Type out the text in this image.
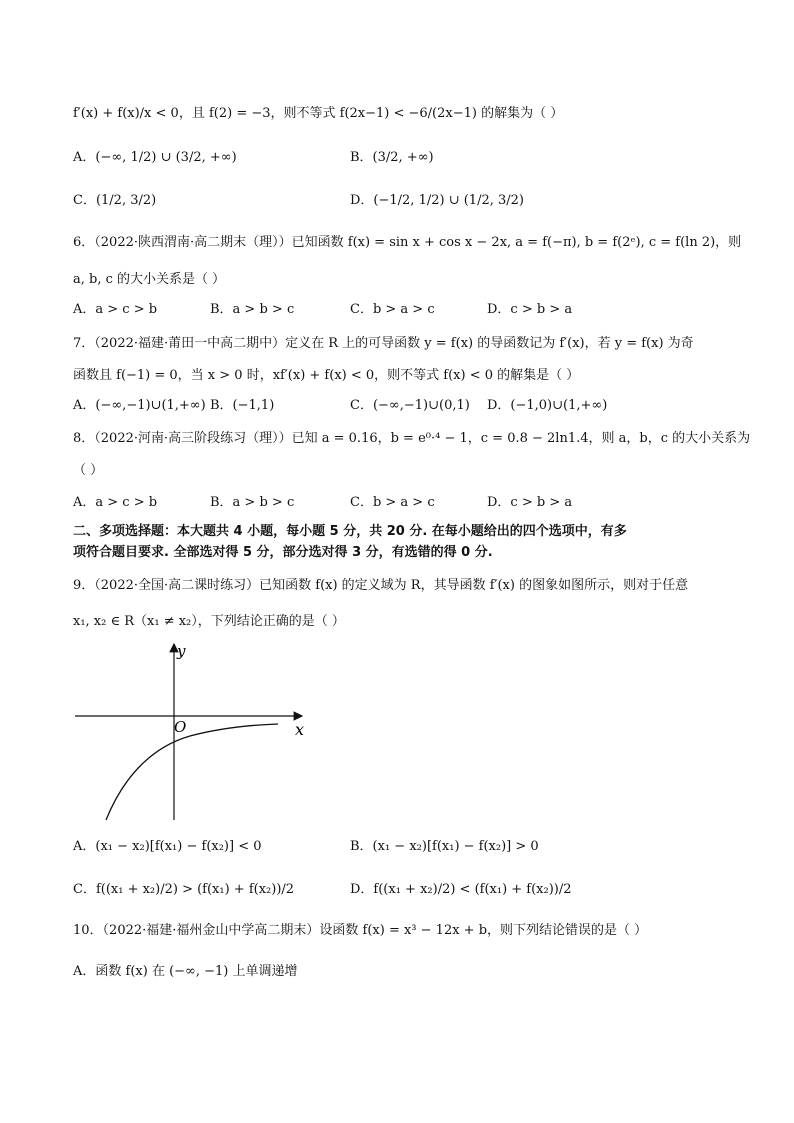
f′(x) + f(x)/x < 0，且 f(2) = −3，则不等式 f(2x−1) < −6/(2x−1) 的解集为（ ）
A．(−∞, 1/2) ∪ (3/2, +∞)	B．(3/2, +∞)
C．(1/2, 3/2)	D．(−1/2, 1/2) ∪ (1/2, 3/2)
6．（2022·陕西渭南·高二期末（理））已知函数 f(x) = sin x + cos x − 2x, a = f(−π), b = f(2ᵉ), c = f(ln 2)，则
a, b, c 的大小关系是（ ）
A．a > c > b	B．a > b > c	C．b > a > c	D．c > b > a
7．（2022·福建·莆田一中高二期中）定义在 R 上的可导函数 y = f(x) 的导函数记为 f′(x)，若 y = f(x) 为奇
函数且 f(−1) = 0，当 x > 0 时，xf′(x) + f(x) < 0，则不等式 f(x) < 0 的解集是（ ）
A．(−∞,−1)∪(1,+∞) B．(−1,1)	C．(−∞,−1)∪(0,1) D．(−1,0)∪(1,+∞)
8．（2022·河南·高三阶段练习（理））已知 a = 0.16，b = e⁰·⁴ − 1，c = 0.8 − 2ln1.4，则 a，b，c 的大小关系为
（ ）
A．a > c > b	B．a > b > c	C．b > a > c	D．c > b > a
二、多项选择题：本大题共 4 小题，每小题 5 分，共 20 分. 在每小题给出的四个选项中，有多
项符合题目要求. 全部选对得 5 分，部分选对得 3 分，有选错的得 0 分.
9．（2022·全国·高二课时练习）已知函数 f(x) 的定义域为 R，其导函数 f′(x) 的图象如图所示，则对于任意
x₁, x₂ ∈ R（x₁ ≠ x₂），下列结论正确的是（ ）
y
x
O
A．(x₁ − x₂)[f(x₁) − f(x₂)] < 0	B．(x₁ − x₂)[f(x₁) − f(x₂)] > 0
C．f((x₁ + x₂)/2) > (f(x₁) + f(x₂))/2	D．f((x₁ + x₂)/2) < (f(x₁) + f(x₂))/2
10．（2022·福建·福州金山中学高二期末）设函数 f(x) = x³ − 12x + b，则下列结论错误的是（ ）
A．函数 f(x) 在 (−∞, −1) 上单调递增
